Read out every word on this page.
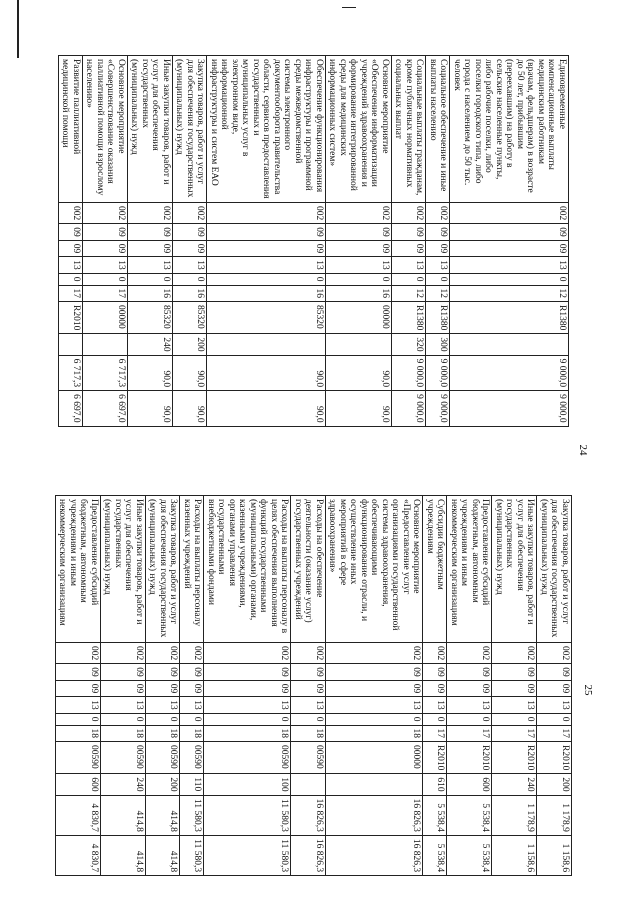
24
Единовременные компенсационные выплаты медицинским работникам (врачам, фельдшерам) в возрасте до 50 лет, прибывшим (переехавшим) на работу в сельские населенные пункты, либо рабочие поселки, либо поселки городского типа, либо города с населением до 50 тыс. человек	002	09	09	13	0	12	R1380		9 000,0	9 000,0
Социальное обеспечение и иные выплаты населению	002	09	09	13	0	12	R1380	300	9 000,0	9 000,0
Социальные выплаты гражданам, кроме публичных нормативных социальных выплат	002	09	09	13	0	12	R1380	320	9 000,0	9 000,0
Основное мероприятие «Обеспечение информатизации учреждений здравоохранения и формирование интегрированной среды для медицинских информационных систем»	002	09	09	13	0	16	00000		90,0	90,0
Обеспечение функционирования инфраструктуры и программной среды межведомственной системы электронного документооборота правительства области, сервисов предоставления государственных и муниципальных услуг в электронном виде, информационной инфраструктуры и систем ЕАО	002	09	09	13	0	16	85320		90,0	90,0
Закупка товаров, работ и услуг для обеспечения государственных (муниципальных) нужд	002	09	09	13	0	16	85320	200	90,0	90,0
Иные закупки товаров, работ и услуг для обеспечения государственных (муниципальных) нужд	002	09	09	13	0	16	85320	240	90,0	90,0
Основное мероприятие «Совершенствование оказания паллиативной помощи взрослому населению»	002	09	09	13	0	17	00000		6 717,3	6 697,0
Развитие паллиативной медицинской помощи	002	09	09	13	0	17	R2010		6 717,3	6 697,0
25
Закупка товаров, работ и услуг для обеспечения государственных (муниципальных) нужд	002	09	09	13	0	17	R2010	200	1 178,9	1 158,6
Иные закупки товаров, работ и услуг для обеспечения государственных (муниципальных) нужд	002	09	09	13	0	17	R2010	240	1 178,9	1 158,6
Предоставление субсидий бюджетным, автономным учреждениям и иным некоммерческим организациям	002	09	09	13	0	17	R2010	600	5 538,4	5 538,4
Субсидии бюджетным учреждениям	002	09	09	13	0	17	R2010	610	5 538,4	5 538,4
Основное мероприятие «Предоставление услуг организациями государственной системы здравоохранения, обеспечивающими функционирование отрасли, и осуществление иных мероприятий в сфере здравоохранения»	002	09	09	13	0	18	00000		16 826,3	16 826,3
Расходы на обеспечение деятельности (оказание услуг) государственных учреждений	002	09	09	13	0	18	00590		16 826,3	16 826,3
Расходы на выплаты персоналу в целях обеспечения выполнения функций государственными (муниципальными) органами, казенными учреждениями, органами управления государственными внебюджетными фондами	002	09	09	13	0	18	00590	100	11 580,3	11 580,3
Расходы на выплаты персоналу казенных учреждений	002	09	09	13	0	18	00590	110	11 580,3	11 580,3
Закупка товаров, работ и услуг для обеспечения государственных (муниципальных) нужд	002	09	09	13	0	18	00590	200	414,8	414,8
Иные закупки товаров, работ и услуг для обеспечения государственных (муниципальных) нужд	002	09	09	13	0	18	00590	240	414,8	414,8
Предоставление субсидий бюджетным, автономным учреждениям и иным некоммерческим организациям	002	09	09	13	0	18	00590	600	4 830,7	4 830,7
